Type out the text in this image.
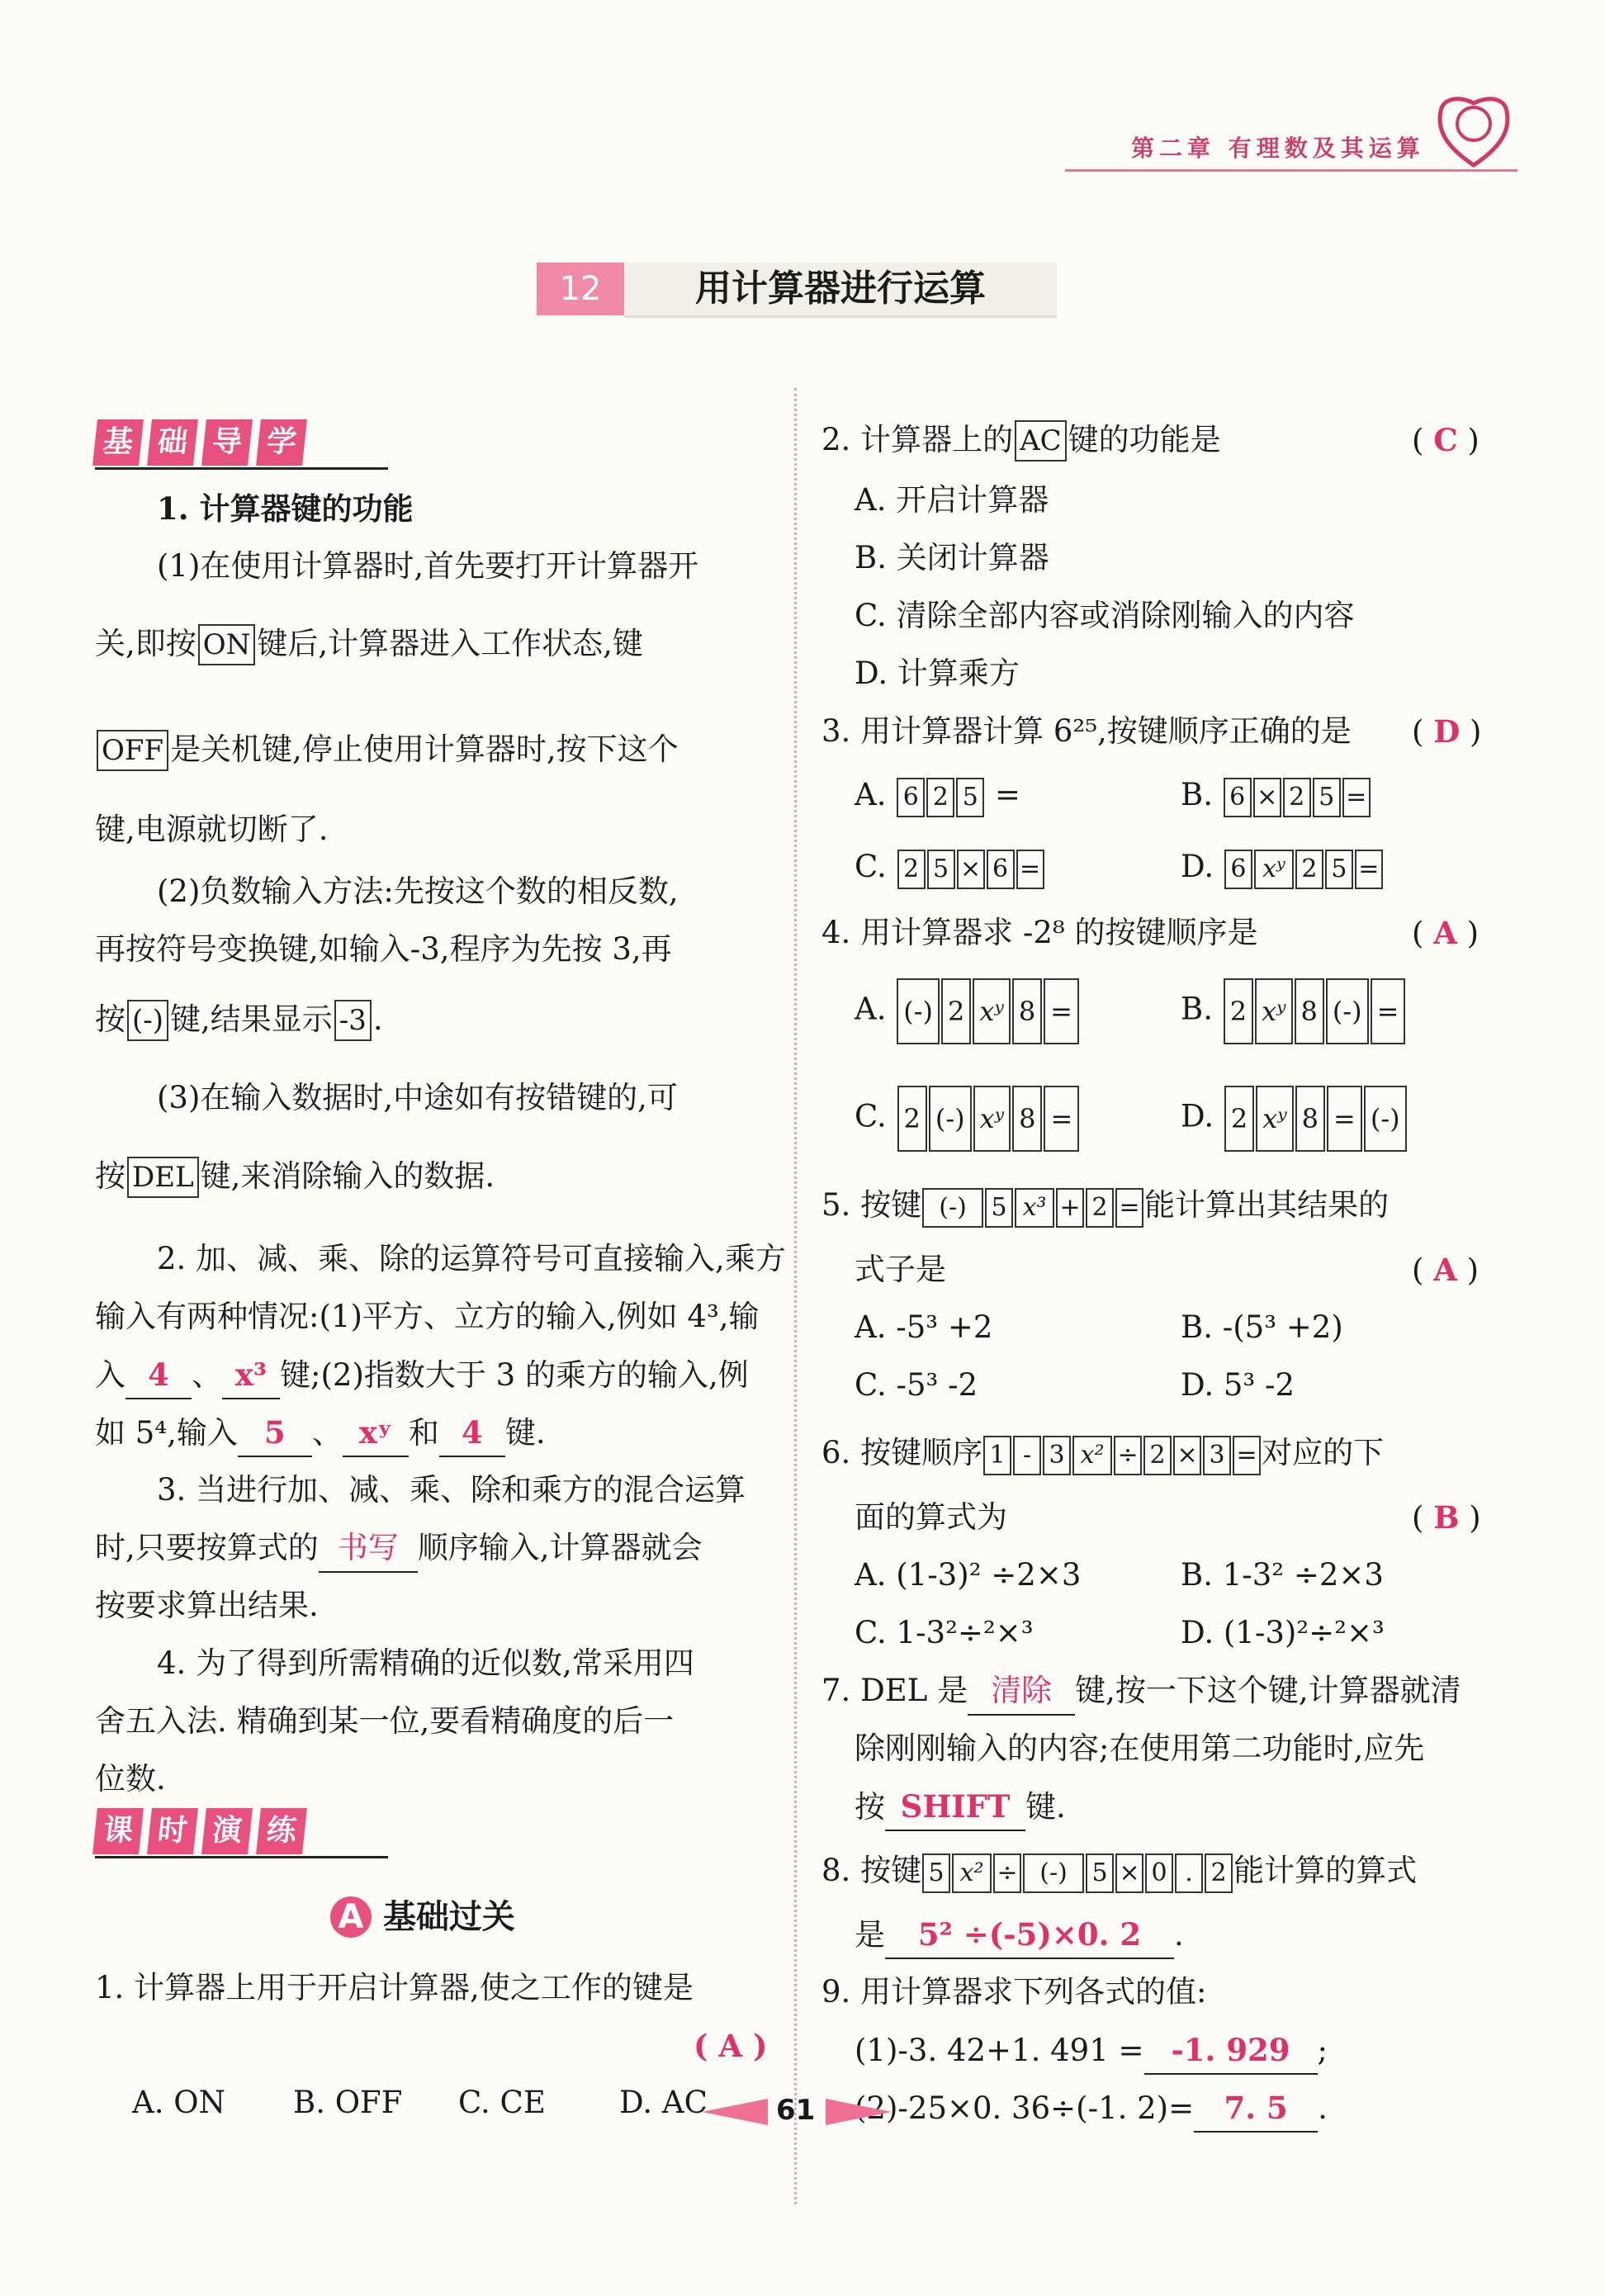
第二章 有理数及其运算
12	用计算器进行运算
基 础 导 学
1. 计算器键的功能
(1)在使用计算器时,首先要打开计算器开
关,即按 ON 键后,计算器进入工作状态,键
OFF 是关机键,停止使用计算器时,按下这个
键,电源就切断了.
(2)负数输入方法:先按这个数的相反数,
再按符号变换键,如输入-3,程序为先按 3,再
按 (-) 键,结果显示 -3 .
(3)在输入数据时,中途如有按错键的,可
按 DEL 键,来消除输入的数据.
2. 加、减、乘、除的运算符号可直接输入,乘方
输入有两种情况:(1)平方、立方的输入,例如 4³,输
入 4 、 x³ 键;(2)指数大于 3 的乘方的输入,例
如 5⁴,输入 5 、 xʸ 和 4 键.
3. 当进行加、减、乘、除和乘方的混合运算
时,只要按算式的 书写 顺序输入,计算器就会
按要求算出结果.
4. 为了得到所需精确的近似数,常采用四
舍五入法. 精确到某一位,要看精确度的后一
位数.
课 时 演 练
A 基础过关
1. 计算器上用于开启计算器,使之工作的键是
( A )
A. ON B. OFF C. CE D. AC
2. 计算器上的 AC 键的功能是	( C )
A. 开启计算器
B. 关闭计算器
C. 清除全部内容或消除刚输入的内容
D. 计算乘方
3. 用计算器计算 6²⁵,按键顺序正确的是 ( D )
A. 6 2 5 =	B. 6 × 2 5 =
C. 2 5 × 6 =	D. 6 xʸ 2 5 =
4. 用计算器求 -2⁸ 的按键顺序是	( A )
A. (-) 2 xʸ 8 =	B. 2 xʸ 8 (-) =
C. 2 (-) xʸ 8 =	D. 2 xʸ 8 = (-)
5. 按键 (-) 5 x³ + 2 = 能计算出其结果的
式子是	( A )
A. -5³ +2	B. -(5³ +2)
C. -5³ -2	D. 5³ -2
6. 按键顺序 1 - 3 x² ÷ 2 × 3 = 对应的下
面的算式为	( B )
A. (1-3)² ÷2×3	B. 1-3² ÷2×3
C. 1-3²÷²×³	D. (1-3)²÷²×³
7. DEL 是 清除 键,按一下这个键,计算器就清
除刚刚输入的内容;在使用第二功能时,应先
按 SHIFT 键.
8. 按键 5 x² ÷ (-) 5 × 0 . 2 能计算的算式
是 5² ÷(-5)×0. 2 .
9. 用计算器求下列各式的值:
(1)-3. 42+1. 491 = -1. 929 ;
(2)-25×0. 36÷(-1. 2)= 7. 5 .
61
